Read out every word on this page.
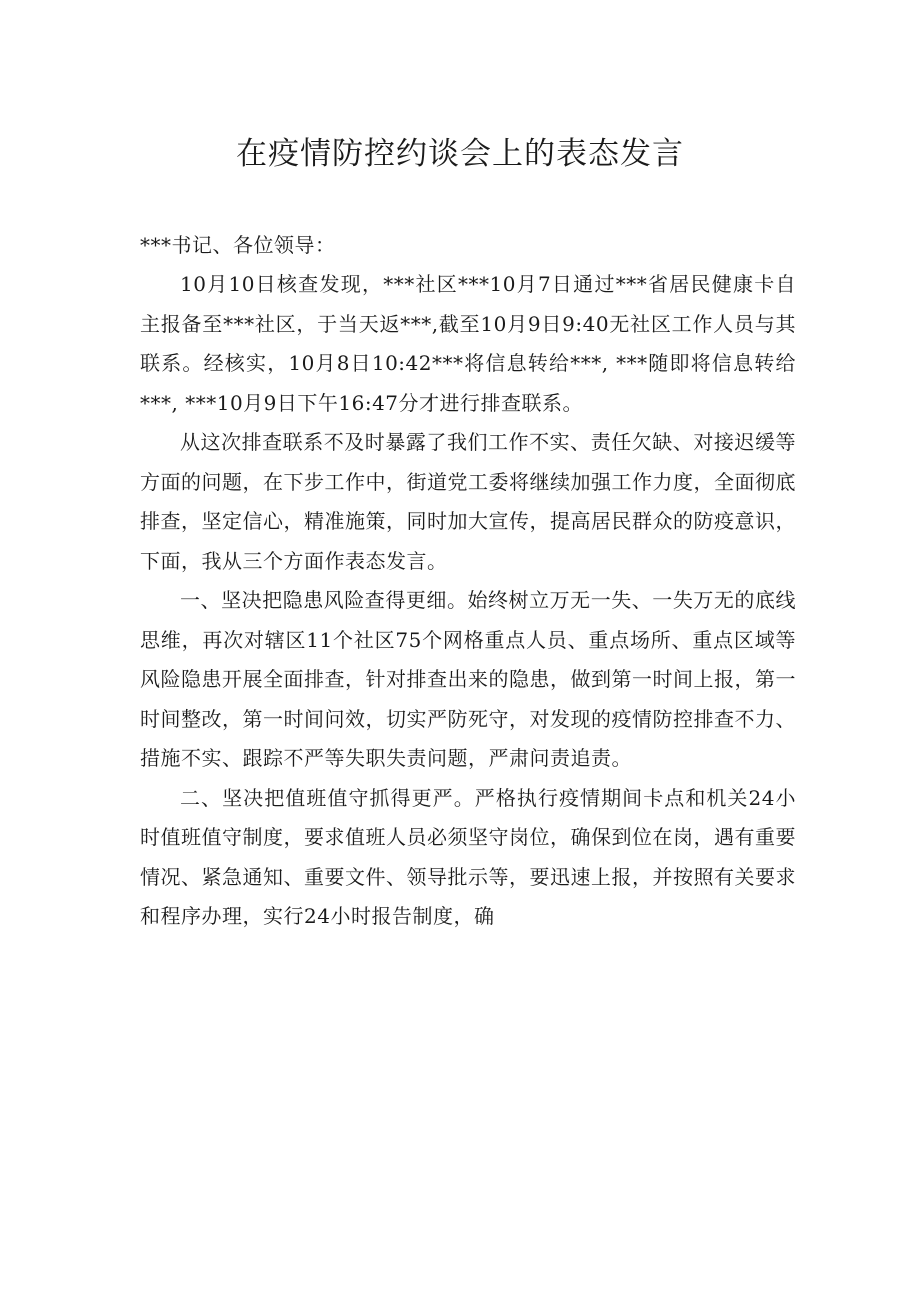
在疫情防控约谈会上的表态发言

***书记、各位领导：

10月10日核查发现，***社区***10月7日通过***省居民健康卡自主报备至***社区，于当天返***,截至10月9日9:40无社区工作人员与其联系。经核实，10月8日10:42***将信息转给***, ***随即将信息转给***, ***10月9日下午16:47分才进行排查联系。

从这次排查联系不及时暴露了我们工作不实、责任欠缺、对接迟缓等方面的问题，在下步工作中，街道党工委将继续加强工作力度，全面彻底排查，坚定信心，精准施策，同时加大宣传，提高居民群众的防疫意识，下面，我从三个方面作表态发言。

一、坚决把隐患风险查得更细。始终树立万无一失、一失万无的底线思维，再次对辖区11个社区75个网格重点人员、重点场所、重点区域等风险隐患开展全面排查，针对排查出来的隐患，做到第一时间上报，第一时间整改，第一时间问效，切实严防死守，对发现的疫情防控排查不力、措施不实、跟踪不严等失职失责问题，严肃问责追责。

二、坚决把值班值守抓得更严。严格执行疫情期间卡点和机关24小时值班值守制度，要求值班人员必须坚守岗位，确保到位在岗，遇有重要情况、紧急通知、重要文件、领导批示等，要迅速上报，并按照有关要求和程序办理，实行24小时报告制度，确
